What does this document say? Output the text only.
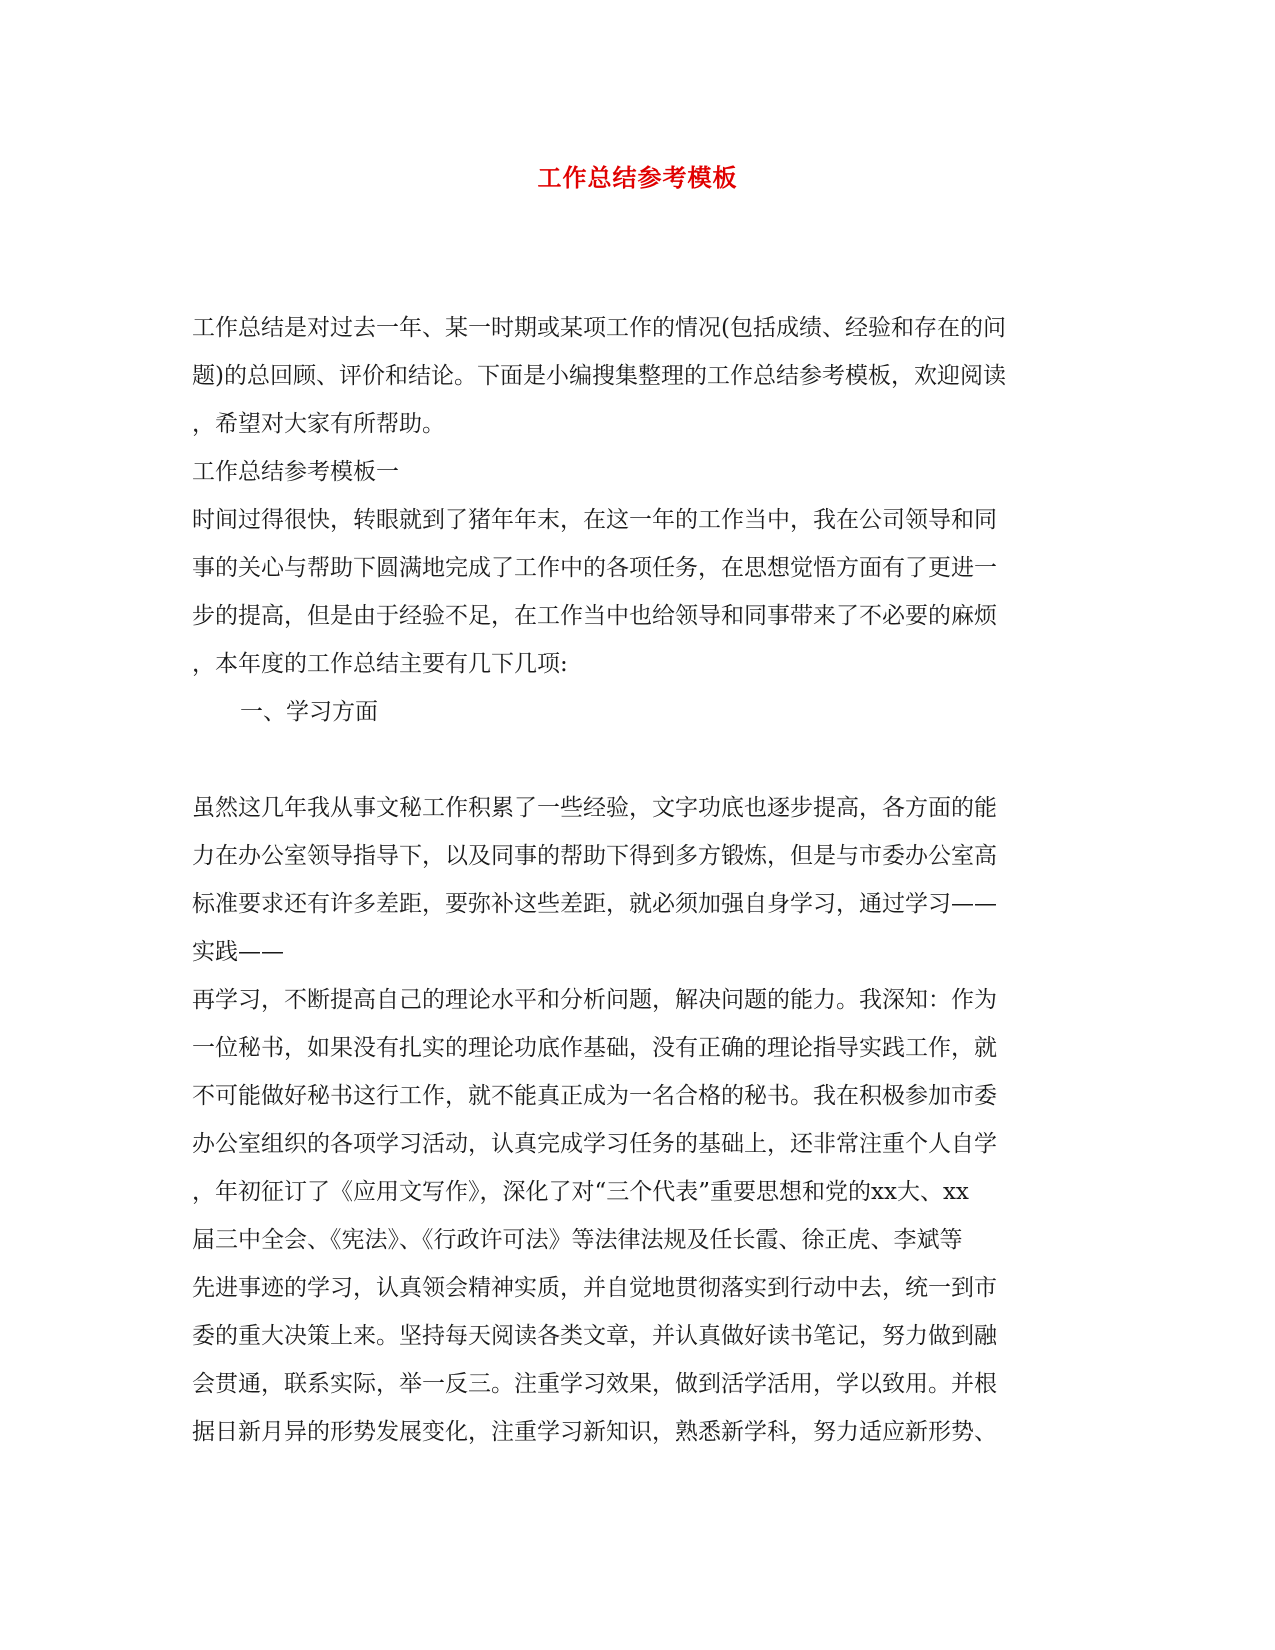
工作总结参考模板
工作总结是对过去一年、某一时期或某项工作的情况(包括成绩、经验和存在的问
题)的总回顾、评价和结论。下面是小编搜集整理的工作总结参考模板，欢迎阅读
，希望对大家有所帮助。
工作总结参考模板一
时间过得很快，转眼就到了猪年年末，在这一年的工作当中，我在公司领导和同
事的关心与帮助下圆满地完成了工作中的各项任务，在思想觉悟方面有了更进一
步的提高，但是由于经验不足，在工作当中也给领导和同事带来了不必要的麻烦
，本年度的工作总结主要有几下几项:
一、学习方面
虽然这几年我从事文秘工作积累了一些经验，文字功底也逐步提高，各方面的能
力在办公室领导指导下，以及同事的帮助下得到多方锻炼，但是与市委办公室高
标准要求还有许多差距，要弥补这些差距，就必须加强自身学习，通过学习——
实践——
再学习，不断提高自己的理论水平和分析问题，解决问题的能力。我深知：作为
一位秘书，如果没有扎实的理论功底作基础，没有正确的理论指导实践工作，就
不可能做好秘书这行工作，就不能真正成为一名合格的秘书。我在积极参加市委
办公室组织的各项学习活动，认真完成学习任务的基础上，还非常注重个人自学
，年初征订了《应用文写作》，深化了对“三个代表”重要思想和党的xx大、xx
届三中全会、《宪法》、《行政许可法》等法律法规及任长霞、徐正虎、李斌等
先进事迹的学习，认真领会精神实质，并自觉地贯彻落实到行动中去，统一到市
委的重大决策上来。坚持每天阅读各类文章，并认真做好读书笔记，努力做到融
会贯通，联系实际，举一反三。注重学习效果，做到活学活用，学以致用。并根
据日新月异的形势发展变化，注重学习新知识，熟悉新学科，努力适应新形势、
